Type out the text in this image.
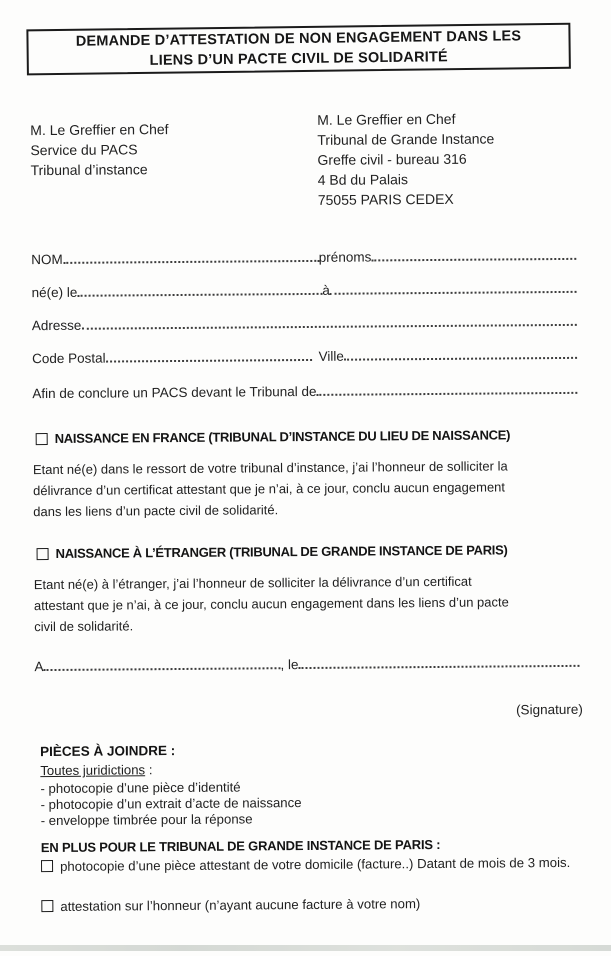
DEMANDE D’ATTESTATION DE NON ENGAGEMENT DANS LES
LIENS D’UN PACTE CIVIL DE SOLIDARITÉ
M. Le Greffier en Chef
Service du PACS
Tribunal d’instance
M. Le Greffier en Chef
Tribunal de Grande Instance
Greffe civil - bureau 316
4 Bd du Palais
75055 PARIS CEDEX
NOM	prénoms
né(e) le	à
Adresse
Code Postal	Ville
Afin de conclure un PACS devant le Tribunal de
NAISSANCE EN FRANCE (TRIBUNAL D’INSTANCE DU LIEU DE NAISSANCE)
Etant né(e) dans le ressort de votre tribunal d’instance, j’ai l’honneur de solliciter la
délivrance d’un certificat attestant que je n’ai, à ce jour, conclu aucun engagement
dans les liens d’un pacte civil de solidarité.
NAISSANCE À L’ÉTRANGER (TRIBUNAL DE GRANDE INSTANCE DE PARIS)
Etant né(e) à l’étranger, j’ai l’honneur de solliciter la délivrance d’un certificat
attestant que je n’ai, à ce jour, conclu aucun engagement dans les liens d’un pacte
civil de solidarité.
A	, le
(Signature)
PIÈCES À JOINDRE :
Toutes juridictions :
- photocopie d’une pièce d’identité
- photocopie d’un extrait d’acte de naissance
- enveloppe timbrée pour la réponse
EN PLUS POUR LE TRIBUNAL DE GRANDE INSTANCE DE PARIS :
photocopie d’une pièce attestant de votre domicile (facture..) Datant de mois de 3 mois.
attestation sur l’honneur (n’ayant aucune facture à votre nom)
